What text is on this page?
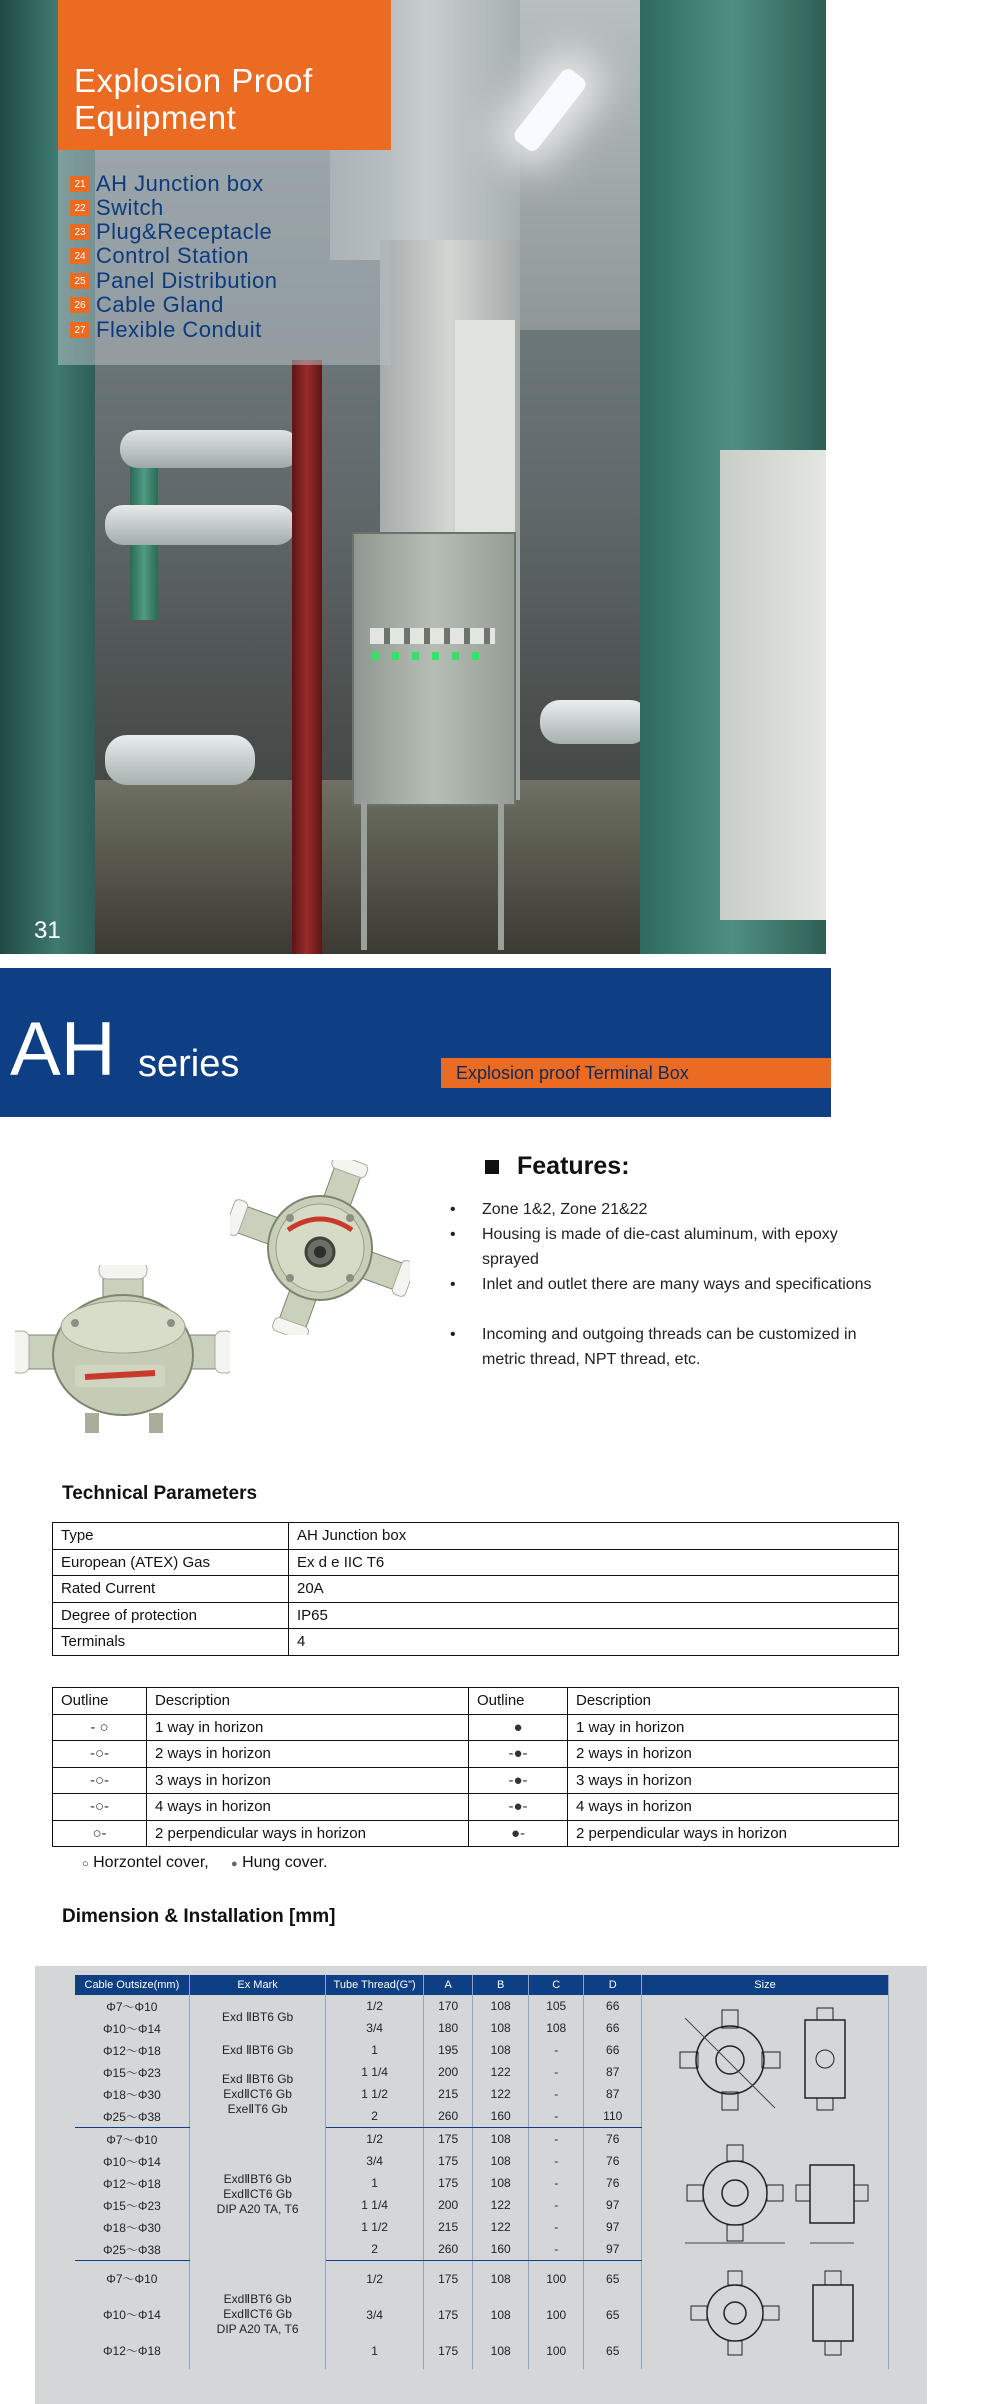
Explosion Proof Equipment
21 AH Junction box
22 Switch
23 Plug&Receptacle
24 Control Station
25 Panel Distribution
26 Cable Gland
27 Flexible Conduit
31
AH series	Explosion proof Terminal Box
Features:
• Zone 1&2, Zone 21&22
• Housing is made of die-cast aluminum, with epoxy sprayed
• Inlet and outlet there are many ways and specifications
• Incoming and outgoing threads can be customized in metric thread, NPT thread, etc.
Technical Parameters
Type	AH Junction box
European (ATEX) Gas	Ex d e IIC T6
Rated Current	20A
Degree of protection	IP65
Terminals	4
Outline	Description	Outline	Description
- ○	1 way in horizon	●	1 way in horizon
-○-	2 ways in horizon	-●-	2 ways in horizon
-○-	3 ways in horizon	-●-	3 ways in horizon
-○-	4 ways in horizon	-●-	4 ways in horizon
○-	2 perpendicular ways in horizon	●-	2 perpendicular ways in horizon
○ Horzontel cover, ● Hung cover.
Dimension & Installation [mm]
Cable Outsize(mm)	Ex Mark	Tube Thread(G")	A	B	C	D	Size
Φ7～Φ10	Exd ⅡBT6 Gb	1/2	170	108	105	66	
Φ10～Φ14		3/4	180	108	108	66	
Φ12～Φ18	Exd ⅡBT6 Gb	1	195	108	-	66	
Φ15～Φ23	Exd ⅡBT6 Gb
ExdⅡCT6 Gb
ExeⅡT6 Gb	1 1/4	200	122	-	87	
Φ18～Φ30		1 1/2	215	122	-	87	
Φ25～Φ38		2	260	160	-	110	
Φ7～Φ10	ExdⅡBT6 Gb
ExdⅡCT6 Gb
DIP A20 TA, T6	1/2	175	108	-	76	
Φ10～Φ14		3/4	175	108	-	76	
Φ12～Φ18		1	175	108	-	76	
Φ15～Φ23		1 1/4	200	122	-	97	
Φ18～Φ30		1 1/2	215	122	-	97	
Φ25～Φ38		2	260	160	-	97	
Φ7～Φ10	ExdⅡBT6 Gb
ExdⅡCT6 Gb
DIP A20 TA, T6	1/2	175	108	100	65	
Φ10～Φ14		3/4	175	108	100	65	
Φ12～Φ18		1	175	108	100	65	
